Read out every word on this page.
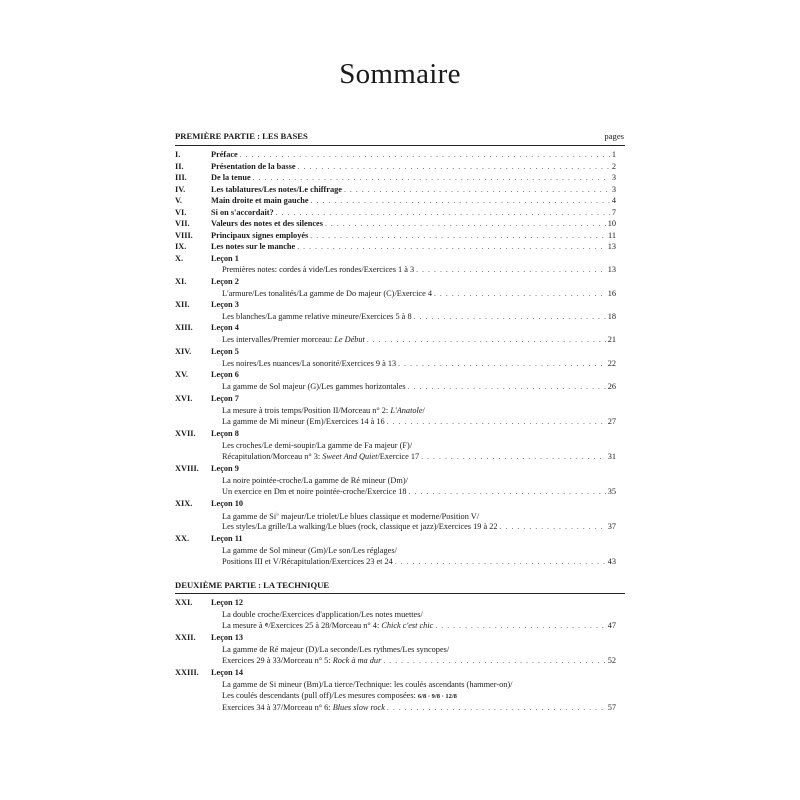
Sommaire
PREMIÈRE PARTIE : LES BASES	pages
DEUXIÈME PARTIE : LA TECHNIQUE
I.	Préface . . .	1
II.	Présentation de la basse . . .	2
III.	De la tenue . . .	3
IV.	Les tablatures/Les notes/Le chiffrage . . .	3
V.	Main droite et main gauche . . .	4
VI.	Si on s'accordait? . . .	7
VII.	Valeurs des notes et des silences . . .	10
VIII. Principaux signes employés . . .	11
IX.	Les notes sur le manche . . .	13
X.	Leçon 1
Premières notes: cordes à vide/Les rondes/Exercices 1 à 3 . . .	13
XI.	Leçon 2
L'armure/Les tonalités/La gamme de Do majeur (C)/Exercice 4 . . .	16
XII.	Leçon 3
Les blanches/La gamme relative mineure/Exercices 5 à 8 . . .	18
XIII. Leçon 4
Les intervalles/Premier morceau: Le Début . . .	21
XIV. Leçon 5
Les noires/Les nuances/La sonorité/Exercices 9 à 13 . . .	22
XV.	Leçon 6
La gamme de Sol majeur (G)/Les gammes horizontales . . .	26
XVI. Leçon 7
La mesure à trois temps/Position II/Morceau n° 2: L'Anatole/
La gamme de Mi mineur (Em)/Exercices 14 à 16 . . .	27
XVII. Leçon 8
Les croches/Le demi-soupir/La gamme de Fa majeur (F)/
Récapitulation/Morceau n° 3: Sweet And Quiet/Exercice 17 . . .	31
XVIII. Leçon 9
La noire pointée-croche/La gamme de Ré mineur (Dm)/
Un exercice en Dm et noire pointée-croche/Exercice 18 . . .	35
XIX. Leçon 10
La gamme de Si♭ majeur/Le triolet/Le blues classique et moderne/Position V/
Les styles/La grille/La walking/Le blues (rock, classique et jazz)/Exercices 19 à 22 . . .	37
XX.	Leçon 11
La gamme de Sol mineur (Gm)/Le son/Les réglages/
Positions III et V/Récapitulation/Exercices 23 et 24 . . .	43
XXI. Leçon 12
La double croche/Exercices d'application/Les notes muettes/
La mesure à 𝄵/Exercices 25 à 28/Morceau n° 4: Chick c'est chic . . .	47
XXII. Leçon 13
La gamme de Ré majeur (D)/La seconde/Les rythmes/Les syncopes/
Exercices 29 à 33/Morceau n° 5: Rock à ma dur . . .	52
XXIII. Leçon 14
La gamme de Si mineur (Bm)/La tierce/Technique: les coulés ascendants (hammer-on)/
Les coulés descendants (pull off)/Les mesures composées: 6/8 · 9/8 · 12/8
Exercices 34 à 37/Morceau n° 6: Blues slow rock . . .	57
